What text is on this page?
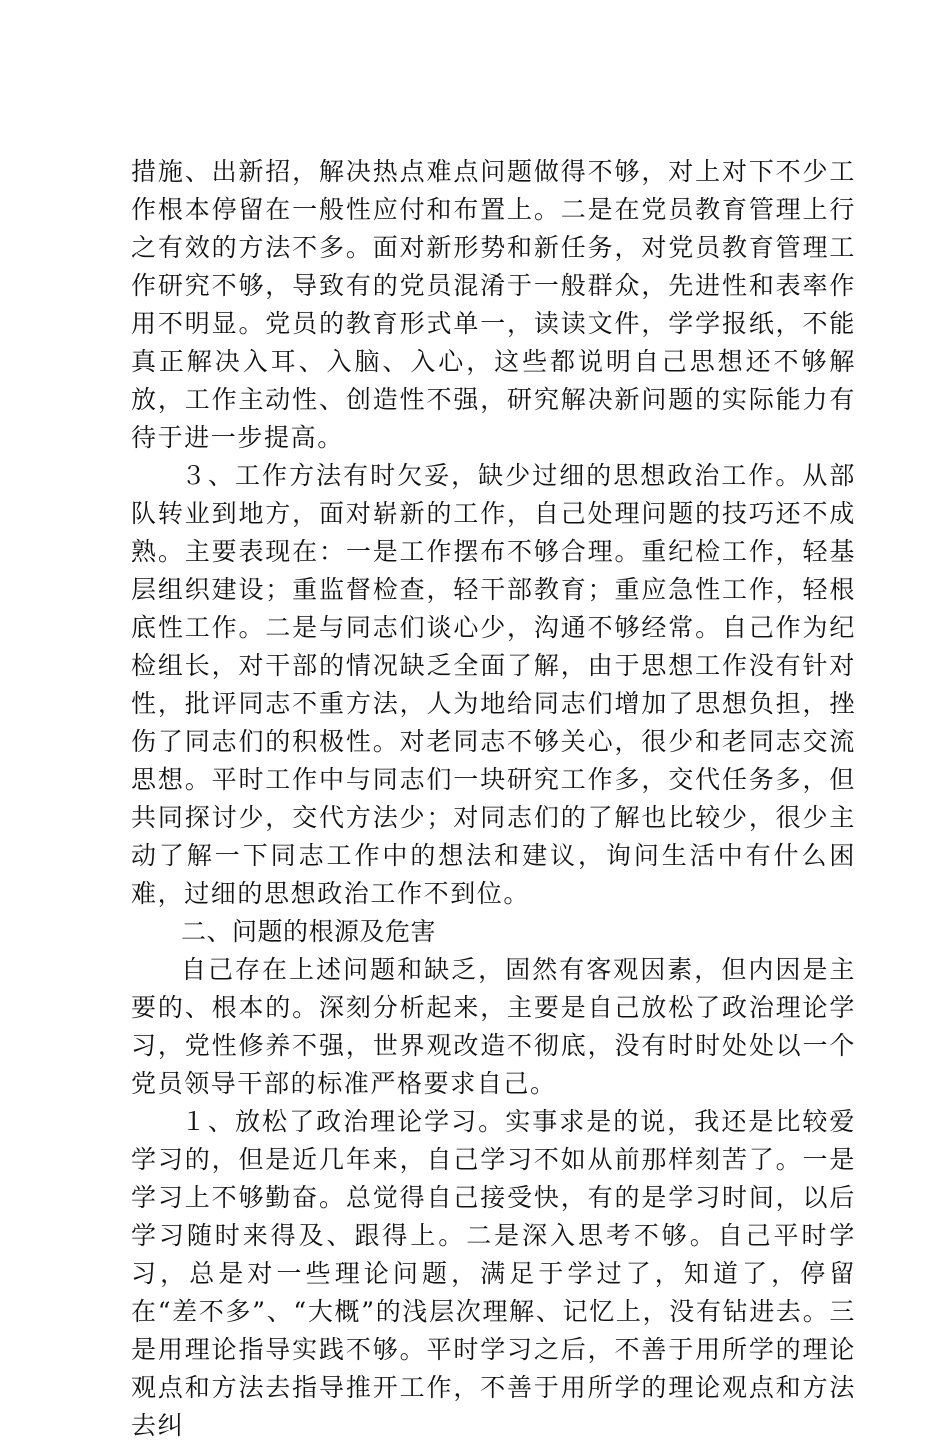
措施、出新招，解决热点难点问题做得不够，对上对下不少工作根本停留在一般性应付和布置上。二是在党员教育管理上行之有效的方法不多。面对新形势和新任务，对党员教育管理工作研究不够，导致有的党员混淆于一般群众，先进性和表率作用不明显。党员的教育形式单一，读读文件，学学报纸，不能真正解决入耳、入脑、入心，这些都说明自己思想还不够解放，工作主动性、创造性不强，研究解决新问题的实际能力有待于进一步提高。

３、工作方法有时欠妥，缺少过细的思想政治工作。从部队转业到地方，面对崭新的工作，自己处理问题的技巧还不成熟。主要表现在：一是工作摆布不够合理。重纪检工作，轻基层组织建设；重监督检查，轻干部教育；重应急性工作，轻根底性工作。二是与同志们谈心少，沟通不够经常。自己作为纪检组长，对干部的情况缺乏全面了解，由于思想工作没有针对性，批评同志不重方法，人为地给同志们增加了思想负担，挫伤了同志们的积极性。对老同志不够关心，很少和老同志交流思想。平时工作中与同志们一块研究工作多，交代任务多，但共同探讨少，交代方法少；对同志们的了解也比较少，很少主动了解一下同志工作中的想法和建议，询问生活中有什么困难，过细的思想政治工作不到位。

二、问题的根源及危害

自己存在上述问题和缺乏，固然有客观因素，但内因是主要的、根本的。深刻分析起来，主要是自己放松了政治理论学习，党性修养不强，世界观改造不彻底，没有时时处处以一个党员领导干部的标准严格要求自己。

１、放松了政治理论学习。实事求是的说，我还是比较爱学习的，但是近几年来，自己学习不如从前那样刻苦了。一是学习上不够勤奋。总觉得自己接受快，有的是学习时间，以后学习随时来得及、跟得上。二是深入思考不够。自己平时学习，总是对一些理论问题，满足于学过了，知道了，停留在“差不多”、“大概”的浅层次理解、记忆上，没有钻进去。三是用理论指导实践不够。平时学习之后，不善于用所学的理论观点和方法去指导推开工作，不善于用所学的理论观点和方法去纠
